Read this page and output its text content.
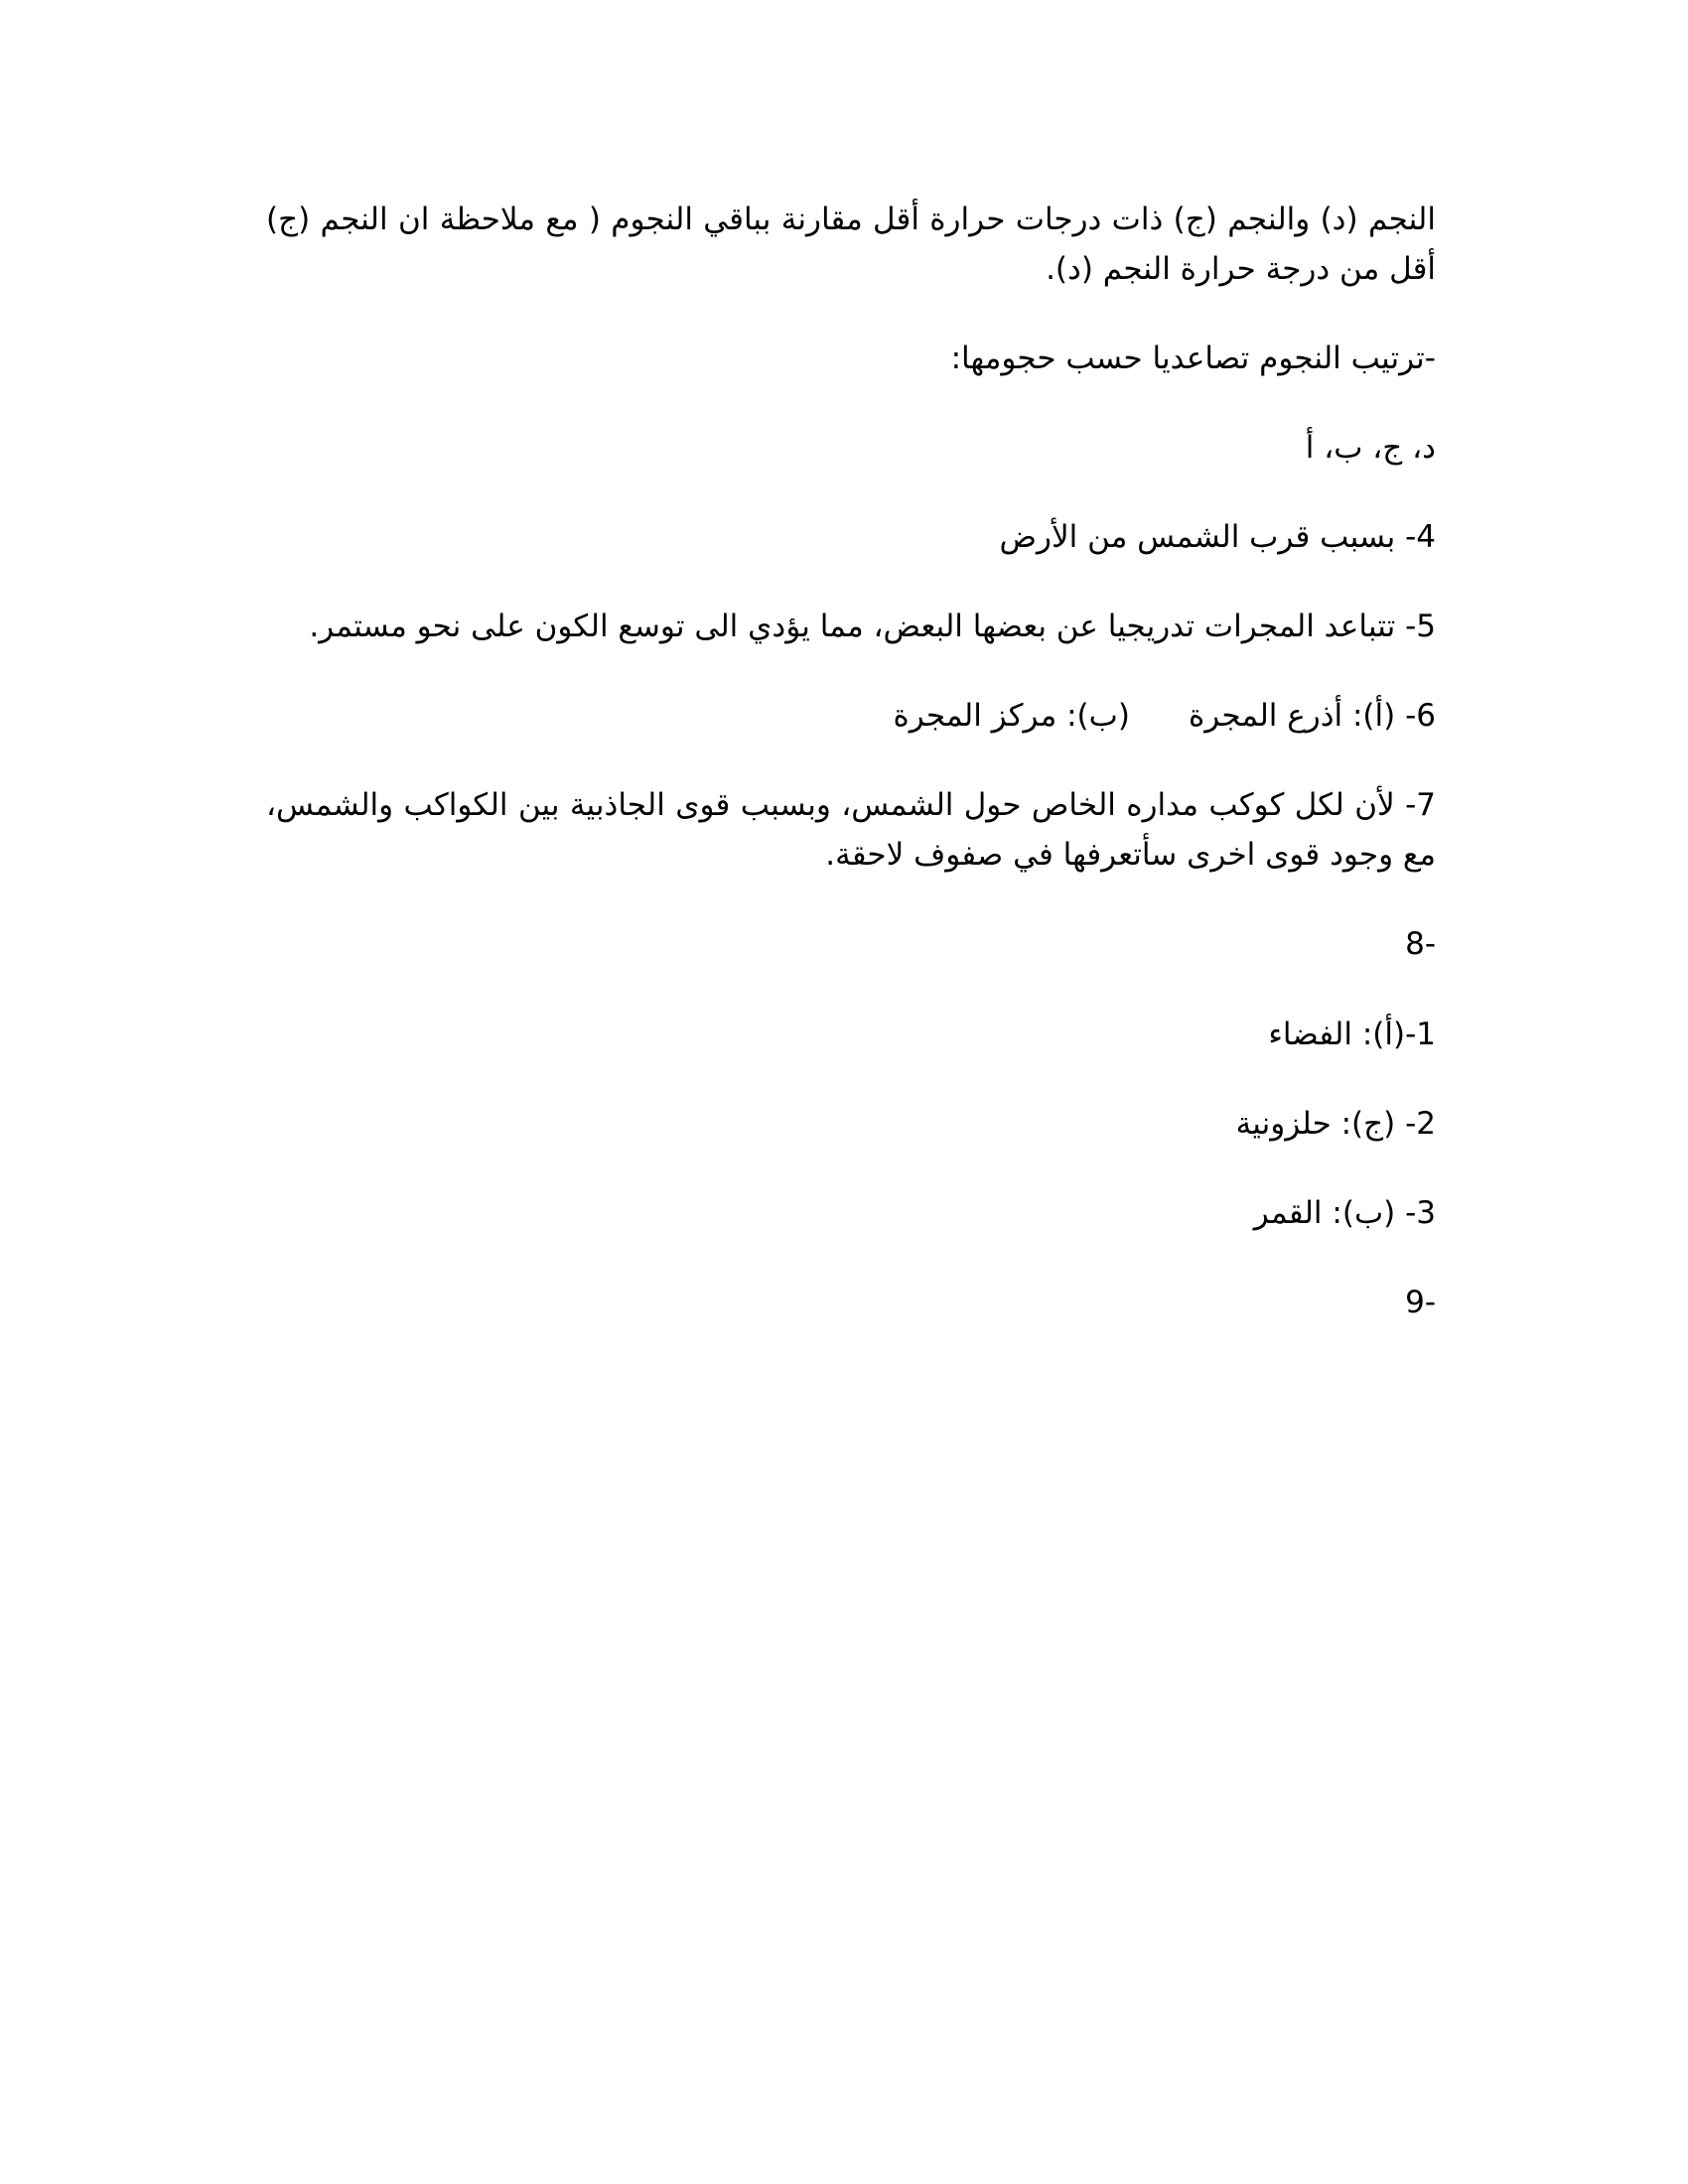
النجم (د) والنجم (ج) ذات درجات حرارة أقل مقارنة بباقي النجوم ( مع ملاحظة ان النجم (ج) أقل من درجة حرارة النجم (د).

-ترتيب النجوم تصاعديا حسب حجومها:

د، ج، ب، أ

4- بسبب قرب الشمس من الأرض

5- تتباعد المجرات تدريجيا عن بعضها البعض، مما يؤدي الى توسع الكون على نحو مستمر.

6- (أ): أذرع المجرة      (ب): مركز المجرة

7- لأن لكل كوكب مداره الخاص حول الشمس، وبسبب قوى الجاذبية بين الكواكب والشمس، مع وجود قوى اخرى سأتعرفها في صفوف لاحقة.

-8

1-(أ): الفضاء

2- (ج): حلزونية

3- (ب): القمر

-9
